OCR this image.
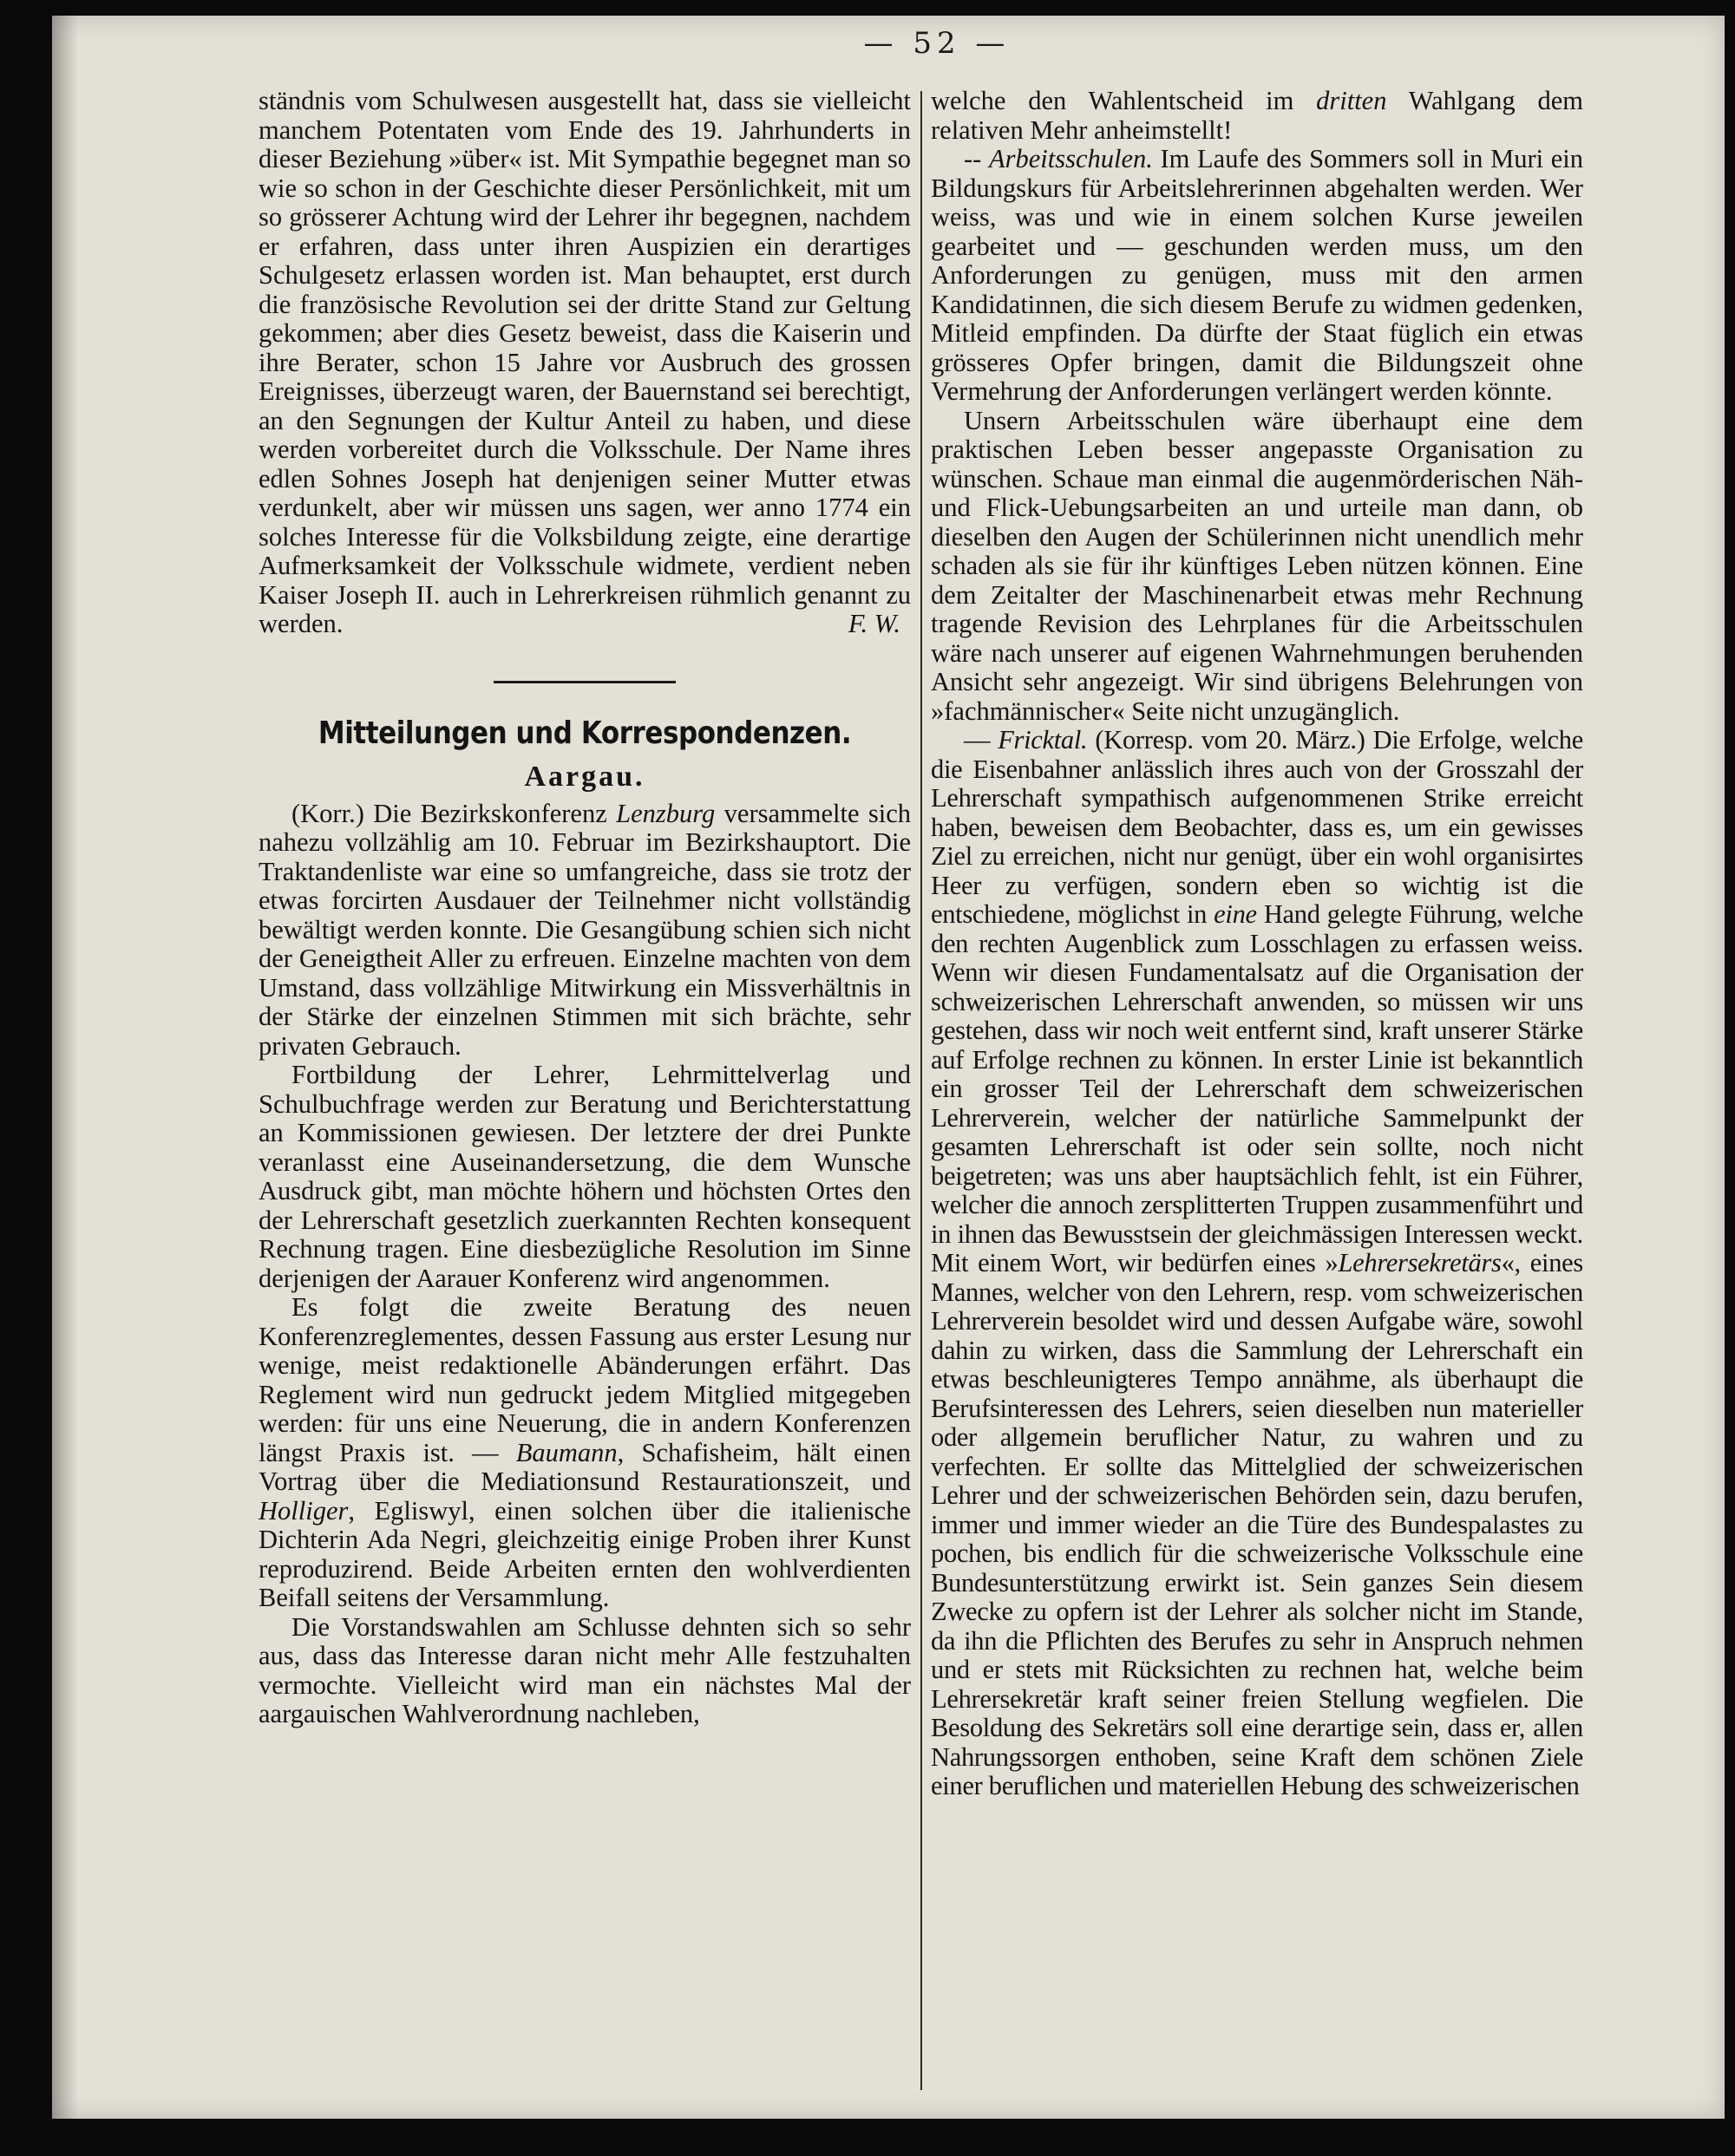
— 52 —

ständnis vom Schulwesen ausgestellt hat, dass sie vielleicht manchem Potentaten vom Ende des 19. Jahrhunderts in dieser Beziehung »über« ist. Mit Sympathie begegnet man so wie so schon in der Geschichte dieser Persönlichkeit, mit um so grösserer Achtung wird der Lehrer ihr begegnen, nachdem er erfahren, dass unter ihren Auspizien ein derartiges Schulgesetz erlassen worden ist. Man behauptet, erst durch die französische Revolution sei der dritte Stand zur Geltung gekommen; aber dies Gesetz beweist, dass die Kaiserin und ihre Berater, schon 15 Jahre vor Ausbruch des grossen Ereignisses, überzeugt waren, der Bauernstand sei berechtigt, an den Segnungen der Kultur Anteil zu haben, und diese werden vorbereitet durch die Volksschule. Der Name ihres edlen Sohnes Joseph hat denjenigen seiner Mutter etwas verdunkelt, aber wir müssen uns sagen, wer anno 1774 ein solches Interesse für die Volksbildung zeigte, eine derartige Aufmerksamkeit der Volksschule widmete, verdient neben Kaiser Joseph II. auch in Lehrerkreisen rühmlich genannt zu werden.	F. W.

Mitteilungen und Korrespondenzen.
Aargau.

(Korr.) Die Bezirkskonferenz Lenzburg versammelte sich nahezu vollzählig am 10. Februar im Bezirkshauptort. Die Traktandenliste war eine so umfangreiche, dass sie trotz der etwas forcirten Ausdauer der Teilnehmer nicht vollständig bewältigt werden konnte. Die Gesangübung schien sich nicht der Geneigtheit Aller zu erfreuen. Einzelne machten von dem Umstand, dass vollzählige Mitwirkung ein Missverhältnis in der Stärke der einzelnen Stimmen mit sich brächte, sehr privaten Gebrauch.

Fortbildung der Lehrer, Lehrmittelverlag und Schulbuchfrage werden zur Beratung und Berichterstattung an Kommissionen gewiesen. Der letztere der drei Punkte veranlasst eine Auseinandersetzung, die dem Wunsche Ausdruck gibt, man möchte höhern und höchsten Ortes den der Lehrerschaft gesetzlich zuerkannten Rechten konsequent Rechnung tragen. Eine diesbezügliche Resolution im Sinne derjenigen der Aarauer Konferenz wird angenommen.

Es folgt die zweite Beratung des neuen Konferenzreglementes, dessen Fassung aus erster Lesung nur wenige, meist redaktionelle Abänderungen erfährt. Das Reglement wird nun gedruckt jedem Mitglied mitgegeben werden: für uns eine Neuerung, die in andern Konferenzen längst Praxis ist. — Baumann, Schafisheim, hält einen Vortrag über die Mediationsund Restaurationszeit, und Holliger, Egliswyl, einen solchen über die italienische Dichterin Ada Negri, gleichzeitig einige Proben ihrer Kunst reproduzirend. Beide Arbeiten ernten den wohlverdienten Beifall seitens der Versammlung.

Die Vorstandswahlen am Schlusse dehnten sich so sehr aus, dass das Interesse daran nicht mehr Alle festzuhalten vermochte. Vielleicht wird man ein nächstes Mal der aargauischen Wahlverordnung nachleben,

welche den Wahlentscheid im dritten Wahlgang dem relativen Mehr anheimstellt!

-- Arbeitsschulen. Im Laufe des Sommers soll in Muri ein Bildungskurs für Arbeitslehrerinnen abgehalten werden. Wer weiss, was und wie in einem solchen Kurse jeweilen gearbeitet und — geschunden werden muss, um den Anforderungen zu genügen, muss mit den armen Kandidatinnen, die sich diesem Berufe zu widmen gedenken, Mitleid empfinden. Da dürfte der Staat füglich ein etwas grösseres Opfer bringen, damit die Bildungszeit ohne Vermehrung der Anforderungen verlängert werden könnte.

Unsern Arbeitsschulen wäre überhaupt eine dem praktischen Leben besser angepasste Organisation zu wünschen. Schaue man einmal die augenmörderischen Näh- und Flick-Uebungsarbeiten an und urteile man dann, ob dieselben den Augen der Schülerinnen nicht unendlich mehr schaden als sie für ihr künftiges Leben nützen können. Eine dem Zeitalter der Maschinenarbeit etwas mehr Rechnung tragende Revision des Lehrplanes für die Arbeitsschulen wäre nach unserer auf eigenen Wahrnehmungen beruhenden Ansicht sehr angezeigt. Wir sind übrigens Belehrungen von »fachmännischer« Seite nicht unzugänglich.

— Fricktal. (Korresp. vom 20. März.) Die Erfolge, welche die Eisenbahner anlässlich ihres auch von der Grosszahl der Lehrerschaft sympathisch aufgenommenen Strike erreicht haben, beweisen dem Beobachter, dass es, um ein gewisses Ziel zu erreichen, nicht nur genügt, über ein wohl organisirtes Heer zu verfügen, sondern eben so wichtig ist die entschiedene, möglichst in eine Hand gelegte Führung, welche den rechten Augenblick zum Losschlagen zu erfassen weiss. Wenn wir diesen Fundamentalsatz auf die Organisation der schweizerischen Lehrerschaft anwenden, so müssen wir uns gestehen, dass wir noch weit entfernt sind, kraft unserer Stärke auf Erfolge rechnen zu können. In erster Linie ist bekanntlich ein grosser Teil der Lehrerschaft dem schweizerischen Lehrerverein, welcher der natürliche Sammelpunkt der gesamten Lehrerschaft ist oder sein sollte, noch nicht beigetreten; was uns aber hauptsächlich fehlt, ist ein Führer, welcher die annoch zersplitterten Truppen zusammenführt und in ihnen das Bewusstsein der gleichmässigen Interessen weckt. Mit einem Wort, wir bedürfen eines »Lehrersekretärs«, eines Mannes, welcher von den Lehrern, resp. vom schweizerischen Lehrerverein besoldet wird und dessen Aufgabe wäre, sowohl dahin zu wirken, dass die Sammlung der Lehrerschaft ein etwas beschleunigteres Tempo annähme, als überhaupt die Berufsinteressen des Lehrers, seien dieselben nun materieller oder allgemein beruflicher Natur, zu wahren und zu verfechten. Er sollte das Mittelglied der schweizerischen Lehrer und der schweizerischen Behörden sein, dazu berufen, immer und immer wieder an die Türe des Bundespalastes zu pochen, bis endlich für die schweizerische Volksschule eine Bundesunterstützung erwirkt ist. Sein ganzes Sein diesem Zwecke zu opfern ist der Lehrer als solcher nicht im Stande, da ihn die Pflichten des Berufes zu sehr in Anspruch nehmen und er stets mit Rücksichten zu rechnen hat, welche beim Lehrersekretär kraft seiner freien Stellung wegfielen. Die Besoldung des Sekretärs soll eine derartige sein, dass er, allen Nahrungssorgen enthoben, seine Kraft dem schönen Ziele einer beruflichen und materiellen Hebung des schweizerischen
